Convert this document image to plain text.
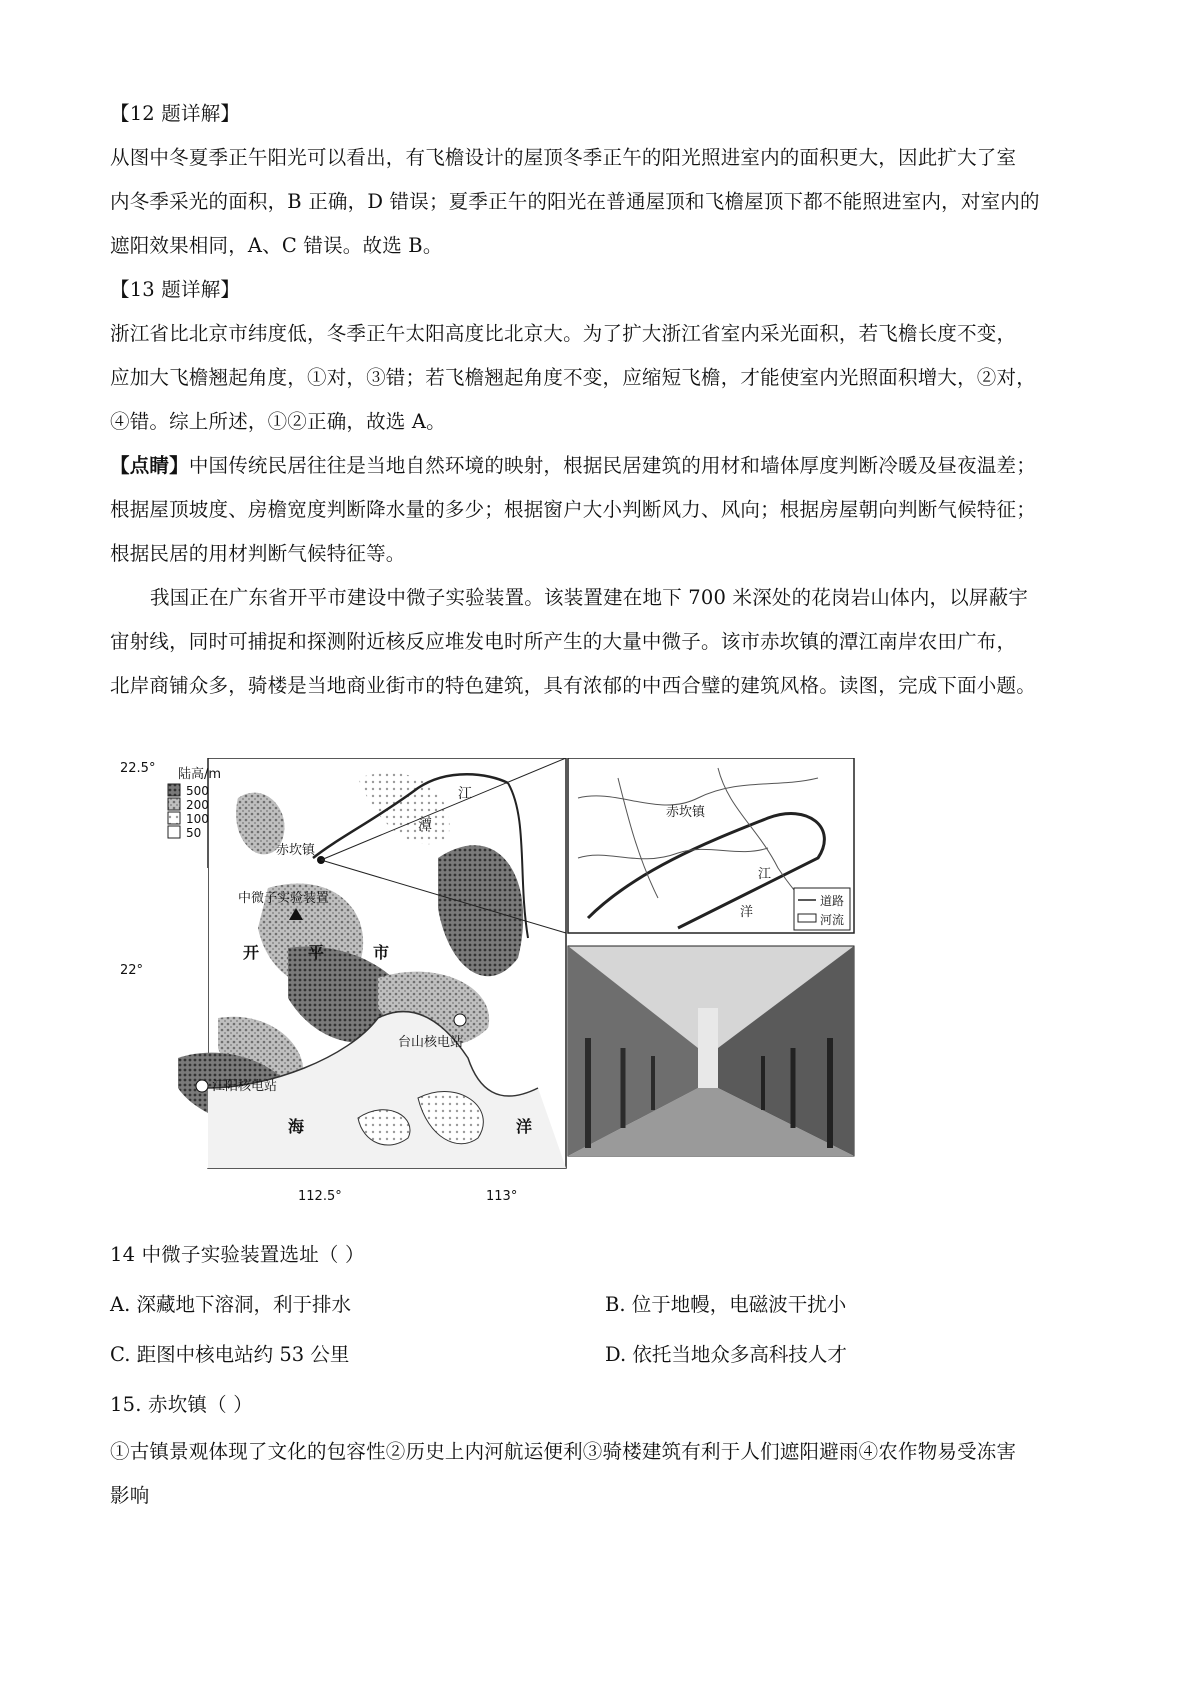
【12 题详解】
从图中冬夏季正午阳光可以看出，有飞檐设计的屋顶冬季正午的阳光照进室内的面积更大，因此扩大了室
内冬季采光的面积，B 正确，D 错误；夏季正午的阳光在普通屋顶和飞檐屋顶下都不能照进室内，对室内的
遮阳效果相同，A、C 错误。故选 B。
【13 题详解】
浙江省比北京市纬度低，冬季正午太阳高度比北京大。为了扩大浙江省室内采光面积，若飞檐长度不变，
应加大飞檐翘起角度，①对，③错；若飞檐翘起角度不变，应缩短飞檐，才能使室内光照面积增大，②对，
④错。综上所述，①②正确，故选 A。
【点睛】中国传统民居往往是当地自然环境的映射，根据民居建筑的用材和墙体厚度判断冷暖及昼夜温差；
根据屋顶坡度、房檐宽度判断降水量的多少；根据窗户大小判断风力、风向；根据房屋朝向判断气候特征；
根据民居的用材判断气候特征等。
我国正在广东省开平市建设中微子实验装置。该装置建在地下 700 米深处的花岗岩山体内，以屏蔽宇
宙射线，同时可捕捉和探测附近核反应堆发电时所产生的大量中微子。该市赤坎镇的潭江南岸农田广布，
北岸商铺众多，骑楼是当地商业街市的特色建筑，具有浓郁的中西合璧的建筑风格。读图，完成下面小题。
22.5°
22°
112.5°	113°
陆高/m
500
200
100
50
赤坎镇
江
潭
中微子实验装置
开	平	市
台山核电站
江阳核电站
海	洋
赤坎镇
江
洋
道路
河流
14 中微子实验装置选址（ ）
A. 深藏地下溶洞，利于排水	B. 位于地幔，电磁波干扰小
C. 距图中核电站约 53 公里	D. 依托当地众多高科技人才
15. 赤坎镇（ ）
①古镇景观体现了文化的包容性②历史上内河航运便利③骑楼建筑有利于人们遮阳避雨④农作物易受冻害
影响
